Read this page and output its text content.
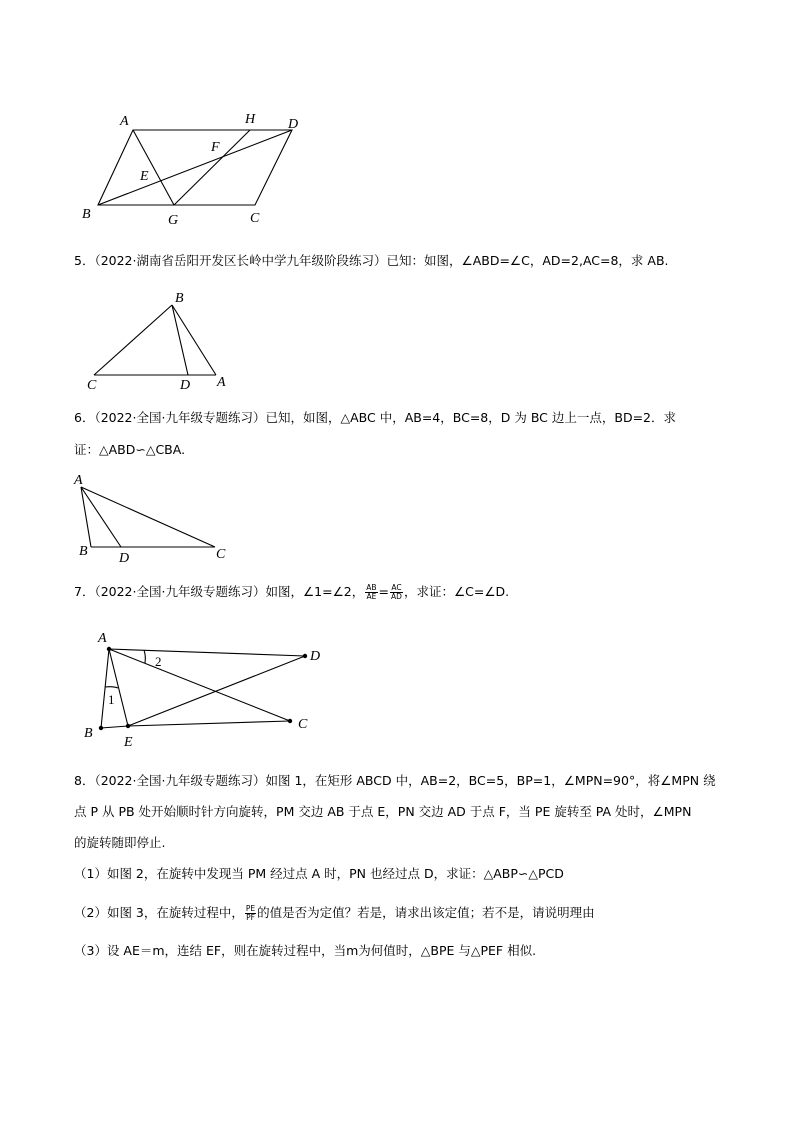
A	H D
F
E
B	G	C
5．（2022·湖南省岳阳开发区长岭中学九年级阶段练习）已知：如图，∠ABD=∠C，AD=2,AC=8，求 AB.
B
C	D A
6．（2022·全国·九年级专题练习）已知，如图，△ABC 中，AB=4，BC=8，D 为 BC 边上一点，BD=2．求
证：△ABD∽△CBA.
A
B D	C
7．（2022·全国·九年级专题练习）如图，∠1=∠2， $\frac{AB}{AE} = \frac{AC}{AD}$ ，求证：∠C=∠D.
A
D
B
E
C
1
2
8．（2022·全国·九年级专题练习）如图 1，在矩形 ABCD 中，AB=2，BC=5，BP=1，∠MPN=90°，将∠MPN 绕
点 P 从 PB 处开始顺时针方向旋转，PM 交边 AB 于点 E，PN 交边 AD 于点 F，当 PE 旋转至 PA 处时，∠MPN
的旋转随即停止.
（1）如图 2，在旋转中发现当 PM 经过点 A 时，PN 也经过点 D，求证：△ABP∽△PCD
（2）如图 3，在旋转过程中， $\frac{PE}{PF}$ 的值是否为定值？若是，请求出该定值；若不是，请说明理由
（3）设 AE＝m，连结 EF，则在旋转过程中，当m为何值时，△BPE 与△PEF 相似.
